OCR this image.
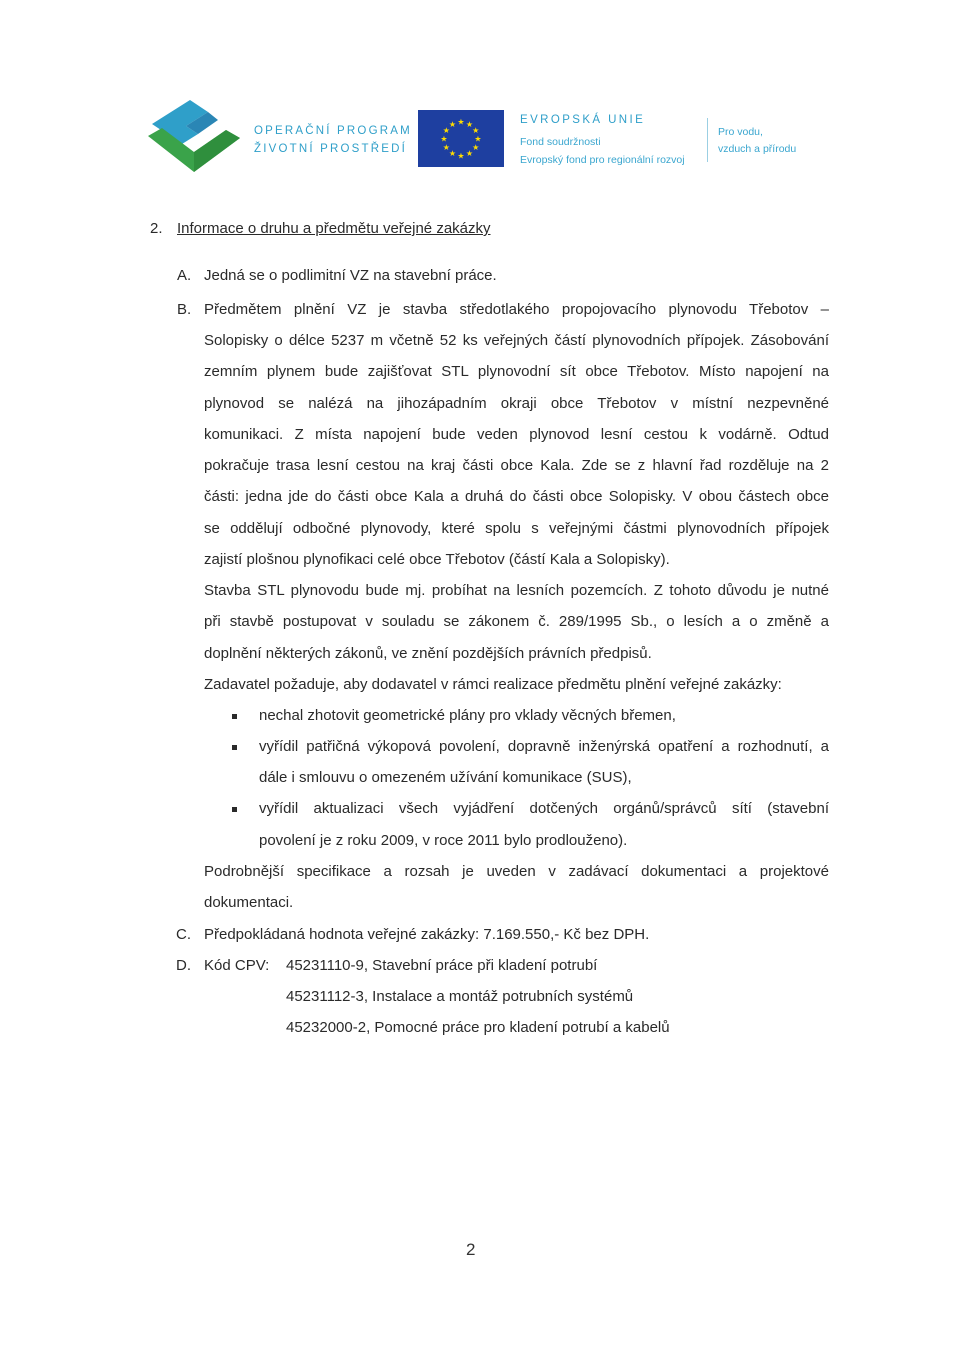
OPERAČNÍ PROGRAM
ŽIVOTNÍ PROSTŘEDÍ
★ ★
★
★
★
★
★
★
★
★
★
★	EVROPSKÁ UNIE
Fond soudržnosti
Evropský fond pro regionální rozvoj
Pro vodu,
vzduch a přírodu
2. Informace o druhu a předmětu veřejné zakázky
A. Jedná se o podlimitní VZ na stavební práce.
B. Předmětem plnění VZ je stavba středotlakého propojovacího plynovodu Třebotov –
Solopisky o délce 5237 m včetně 52 ks veřejných částí plynovodních přípojek. Zásobování
zemním plynem bude zajišťovat STL plynovodní sít obce Třebotov. Místo napojení na
plynovod se nalézá na jihozápadním okraji obce Třebotov v místní nezpevněné
komunikaci. Z místa napojení bude veden plynovod lesní cestou k vodárně. Odtud
pokračuje trasa lesní cestou na kraj části obce Kala. Zde se z hlavní řad rozděluje na 2
části: jedna jde do části obce Kala a druhá do části obce Solopisky. V obou částech obce
se oddělují odbočné plynovody, které spolu s veřejnými částmi plynovodních přípojek
zajistí plošnou plynofikaci celé obce Třebotov (částí Kala a Solopisky).
Stavba STL plynovodu bude mj. probíhat na lesních pozemcích. Z tohoto důvodu je nutné
při stavbě postupovat v souladu se zákonem č. 289/1995 Sb., o lesích a o změně a
doplnění některých zákonů, ve znění pozdějších právních předpisů.
Zadavatel požaduje, aby dodavatel v rámci realizace předmětu plnění veřejné zakázky:
nechal zhotovit geometrické plány pro vklady věcných břemen,
vyřídil patřičná výkopová povolení, dopravně inženýrská opatření a rozhodnutí, a
dále i smlouvu o omezeném užívání komunikace (SUS),
vyřídil aktualizaci všech vyjádření dotčených orgánů/správců sítí (stavební
povolení je z roku 2009, v roce 2011 bylo prodlouženo).
Podrobnější specifikace a rozsah je uveden v zadávací dokumentaci a projektové
dokumentaci.
C. Předpokládaná hodnota veřejné zakázky: 7.169.550,- Kč bez DPH.
D. Kód CPV: 45231110-9, Stavební práce při kladení potrubí
45231112-3, Instalace a montáž potrubních systémů
45232000-2, Pomocné práce pro kladení potrubí a kabelů
2
